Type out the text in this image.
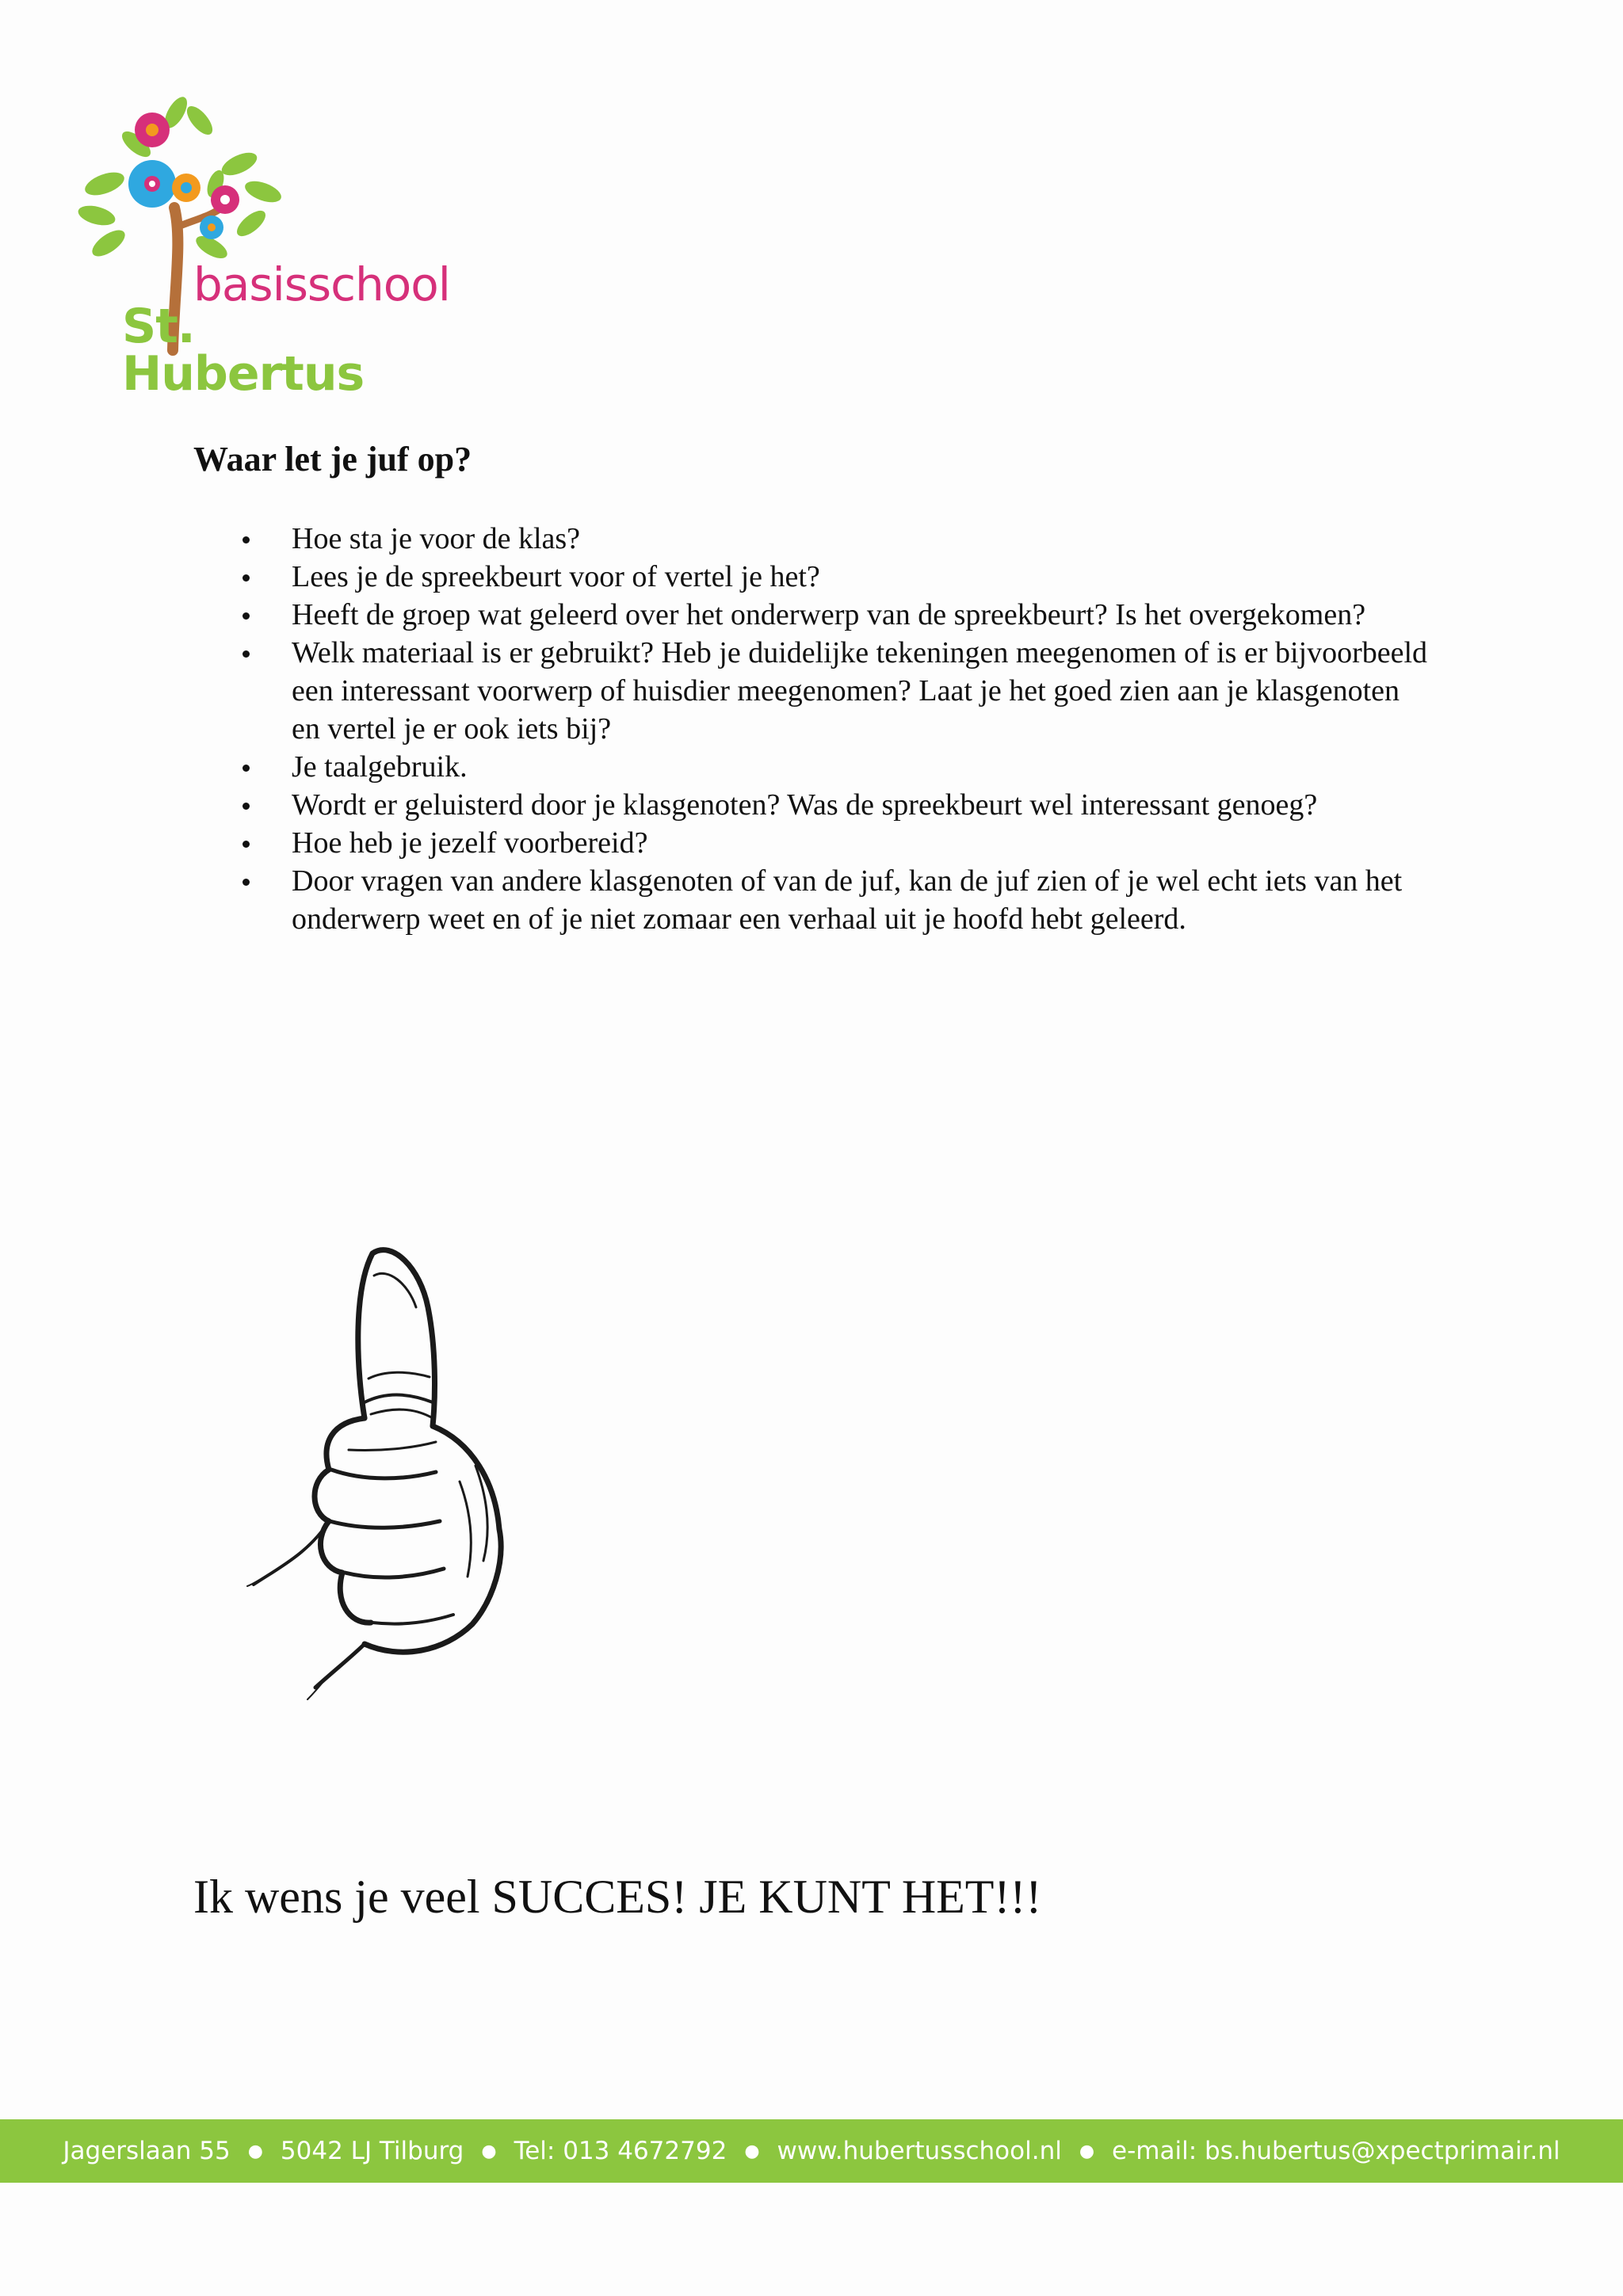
basisschool
St. Hubertus
Waar let je juf op?
Hoe sta je voor de klas?
Lees je de spreekbeurt voor of vertel je het?
Heeft de groep wat geleerd over het onderwerp van de spreekbeurt? Is het overgekomen?
Welk materiaal is er gebruikt? Heb je duidelijke tekeningen meegenomen of is er bijvoorbeeld een interessant voorwerp of huisdier meegenomen? Laat je het goed zien aan je klasgenoten en vertel je er ook iets bij?
Je taalgebruik.
Wordt er geluisterd door je klasgenoten? Was de spreekbeurt wel interessant genoeg?
Hoe heb je jezelf voorbereid?
Door vragen van andere klasgenoten of van de juf, kan de juf zien of je wel echt iets van het onderwerp weet en of je niet zomaar een verhaal uit je hoofd hebt geleerd.

Ik wens je veel SUCCES! JE KUNT HET!!!

Jagerslaan 55 ● 5042 LJ Tilburg ● Tel: 013 4672792 ● www.hubertusschool.nl ● e-mail: bs.hubertus@xpectprimair.nl
